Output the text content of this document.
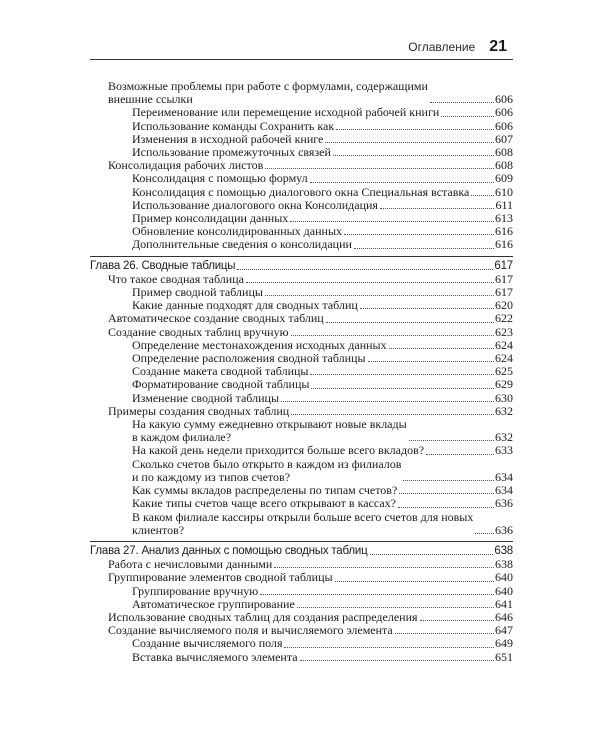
Оглавление 21
Возможные проблемы при работе с формулами, содержащими
внешние ссылки	606
Переименование или перемещение исходной рабочей книги	606
Использование команды Сохранить как	606
Изменения в исходной рабочей книге	607
Использование промежуточных связей	608
Консолидация рабочих листов	608
Консолидация с помощью формул	609
Консолидация с помощью диалогового окна Специальная вставка 610
Использование диалогового окна Консолидация	611
Пример консолидации данных	613
Обновление консолидированных данных	616
Дополнительные сведения о консолидации	616
Глава 26. Сводные таблицы	617
Что такое сводная таблица	617
Пример сводной таблицы	617
Какие данные подходят для сводных таблиц	620
Автоматическое создание сводных таблиц	622
Создание сводных таблиц вручную	623
Определение местонахождения исходных данных	624
Определение расположения сводной таблицы	624
Создание макета сводной таблицы	625
Форматирование сводной таблицы	629
Изменение сводной таблицы	630
Примеры создания сводных таблиц	632
На какую сумму ежедневно открывают новые вклады
в каждом филиале?	632
На какой день недели приходится больше всего вкладов?	633
Сколько счетов было открыто в каждом из филиалов
и по каждому из типов счетов?	634
Как суммы вкладов распределены по типам счетов?	634
Какие типы счетов чаще всего открывают в кассах?	636
В каком филиале кассиры открыли больше всего счетов для новых
клиентов?	636
Глава 27. Анализ данных с помощью сводных таблиц	638
Работа с нечисловыми данными	638
Группирование элементов сводной таблицы	640
Группирование вручную	640
Автоматическое группирование	641
Использование сводных таблиц для создания распределения	646
Создание вычисляемого поля и вычисляемого элемента	647
Создание вычисляемого поля	649
Вставка вычисляемого элемента	651
